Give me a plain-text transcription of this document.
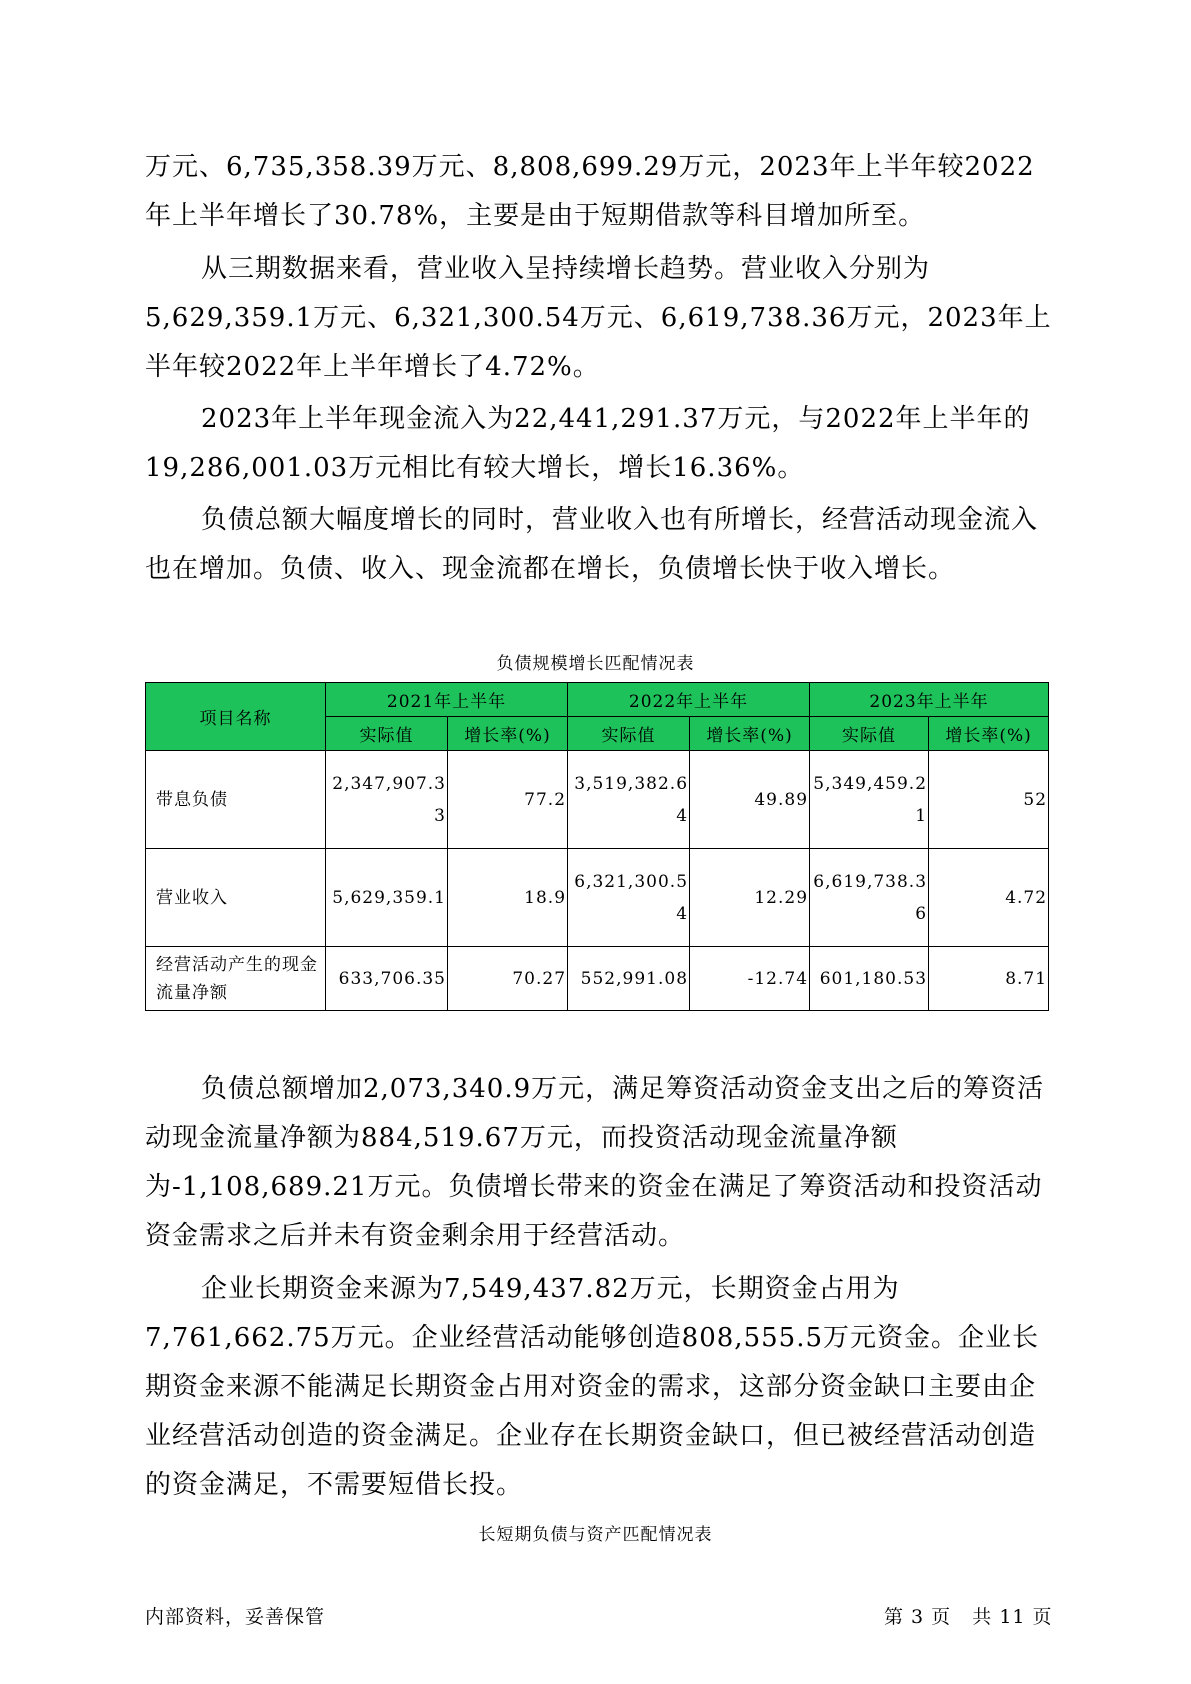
万元、6,735,358.39万元、8,808,699.29万元，2023年上半年较2022年上半年增长了30.78%，主要是由于短期借款等科目增加所至。

从三期数据来看，营业收入呈持续增长趋势。营业收入分别为5,629,359.1万元、6,321,300.54万元、6,619,738.36万元，2023年上半年较2022年上半年增长了4.72%。

2023年上半年现金流入为22,441,291.37万元，与2022年上半年的19,286,001.03万元相比有较大增长，增长16.36%。

负债总额大幅度增长的同时，营业收入也有所增长，经营活动现金流入也在增加。负债、收入、现金流都在增长，负债增长快于收入增长。

负债规模增长匹配情况表
项目名称	2021年上半年		2022年上半年		2023年上半年	
	实际值	增长率(%)	实际值	增长率(%)	实际值	增长率(%)
带息负债	2,347,907.33	77.2	3,519,382.64	49.89	5,349,459.21	52
营业收入	5,629,359.1	18.9	6,321,300.54	12.29	6,619,738.36	4.72
经营活动产生的现金流量净额	633,706.35	70.27	552,991.08	-12.74	601,180.53	8.71

负债总额增加2,073,340.9万元，满足筹资活动资金支出之后的筹资活动现金流量净额为884,519.67万元，而投资活动现金流量净额为-1,108,689.21万元。负债增长带来的资金在满足了筹资活动和投资活动资金需求之后并未有资金剩余用于经营活动。

企业长期资金来源为7,549,437.82万元，长期资金占用为7,761,662.75万元。企业经营活动能够创造808,555.5万元资金。企业长期资金来源不能满足长期资金占用对资金的需求，这部分资金缺口主要由企业经营活动创造的资金满足。企业存在长期资金缺口，但已被经营活动创造的资金满足，不需要短借长投。

长短期负债与资产匹配情况表
内部资料，妥善保管	第 3 页   共 11 页
